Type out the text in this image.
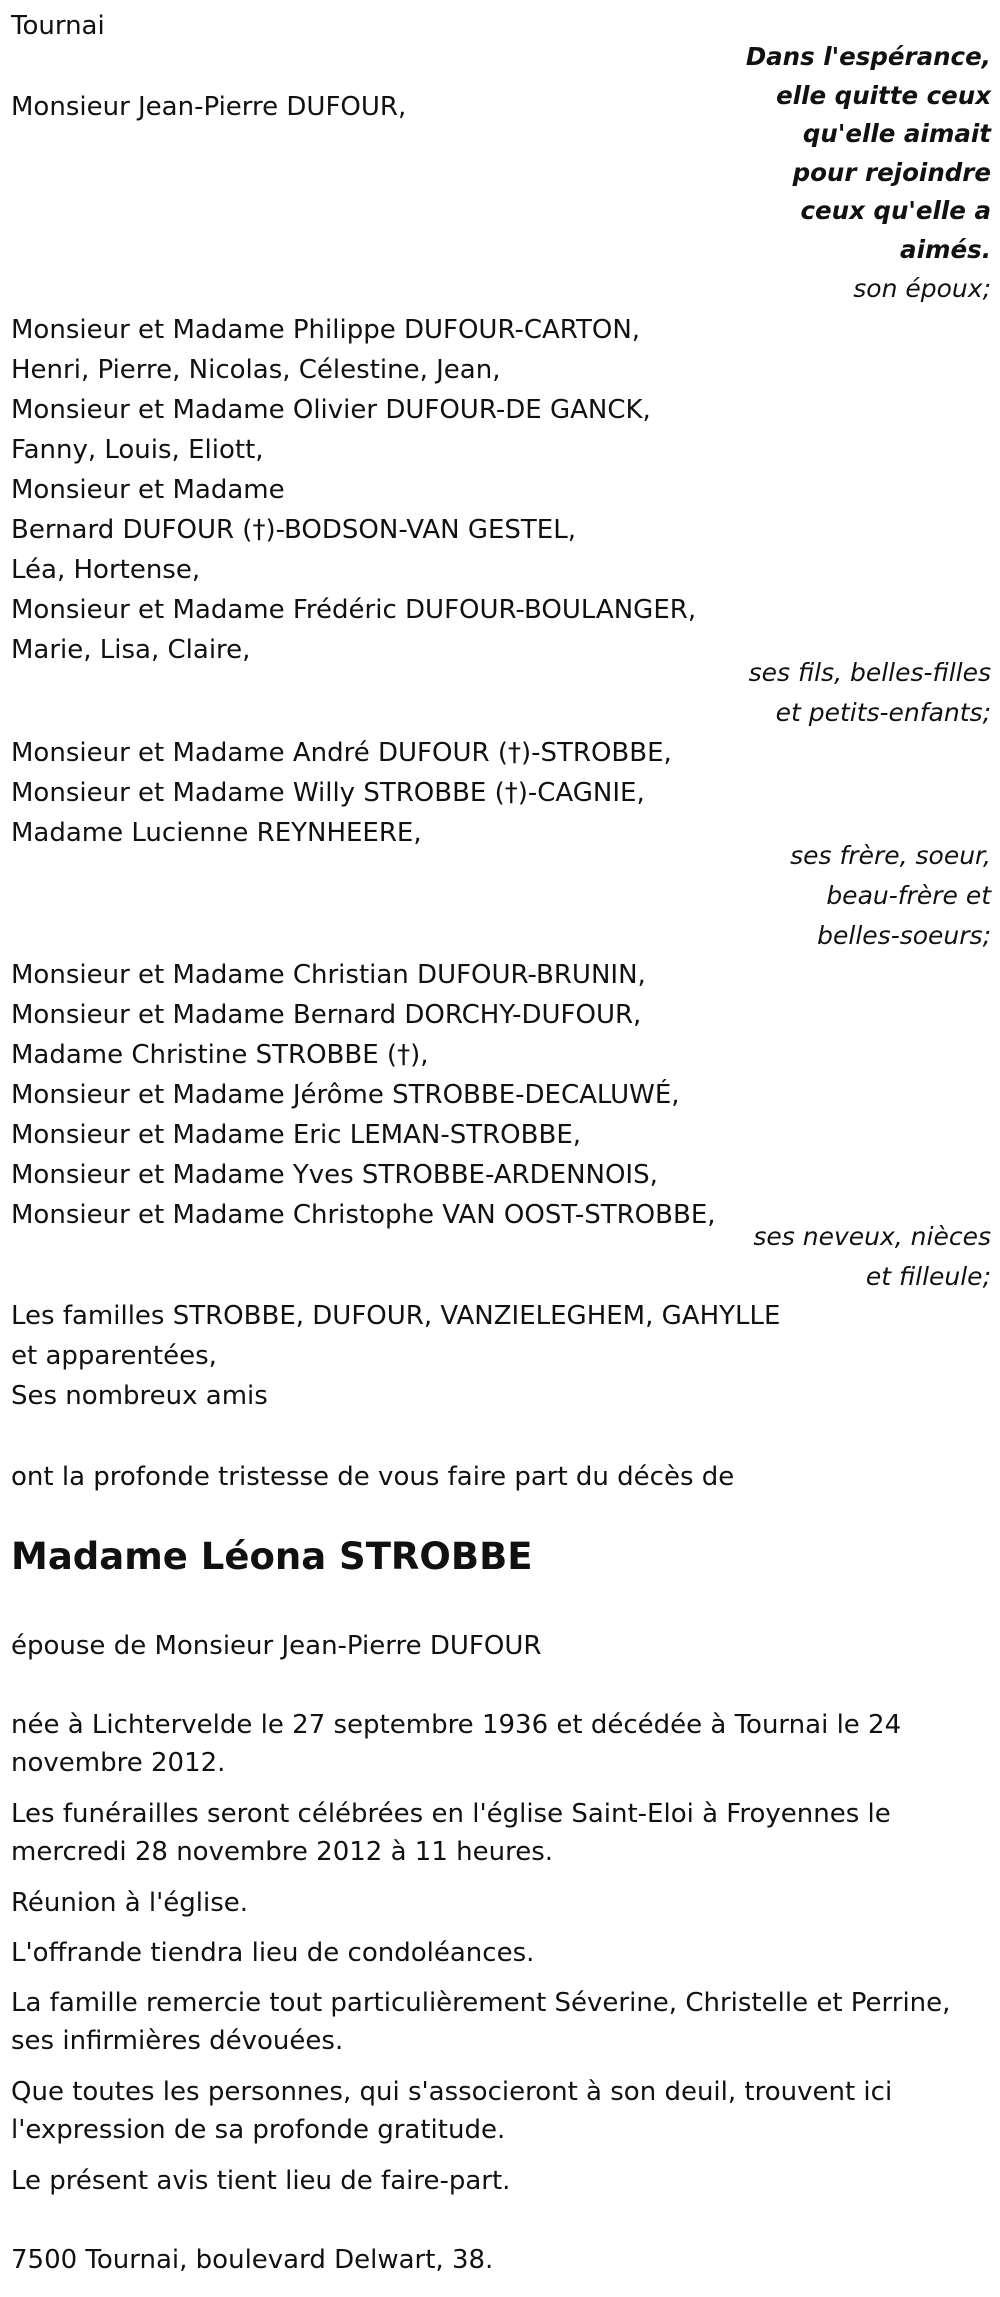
Tournai
Dans l'espérance,
elle quitte ceux
qu'elle aimait
pour rejoindre
ceux qu'elle a
aimés.
Monsieur Jean-Pierre DUFOUR,
son époux;
Monsieur et Madame Philippe DUFOUR-CARTON,
Henri, Pierre, Nicolas, Célestine, Jean,
Monsieur et Madame Olivier DUFOUR-DE GANCK,
Fanny, Louis, Eliott,
Monsieur et Madame
Bernard DUFOUR (†)-BODSON-VAN GESTEL,
Léa, Hortense,
Monsieur et Madame Frédéric DUFOUR-BOULANGER,
Marie, Lisa, Claire,
ses fils, belles-filles
et petits-enfants;
Monsieur et Madame André DUFOUR (†)-STROBBE,
Monsieur et Madame Willy STROBBE (†)-CAGNIE,
Madame Lucienne REYNHEERE,
ses frère, soeur,
beau-frère et
belles-soeurs;
Monsieur et Madame Christian DUFOUR-BRUNIN,
Monsieur et Madame Bernard DORCHY-DUFOUR,
Madame Christine STROBBE (†),
Monsieur et Madame Jérôme STROBBE-DECALUWÉ,
Monsieur et Madame Eric LEMAN-STROBBE,
Monsieur et Madame Yves STROBBE-ARDENNOIS,
Monsieur et Madame Christophe VAN OOST-STROBBE,
ses neveux, nièces
et filleule;
Les familles STROBBE, DUFOUR, VANZIELEGHEM, GAHYLLE
et apparentées,
Ses nombreux amis
ont la profonde tristesse de vous faire part du décès de
Madame Léona STROBBE
épouse de Monsieur Jean-Pierre DUFOUR
née à Lichtervelde le 27 septembre 1936 et décédée à Tournai le 24 novembre 2012.
Les funérailles seront célébrées en l'église Saint-Eloi à Froyennes le mercredi 28 novembre 2012 à 11 heures.
Réunion à l'église.
L'offrande tiendra lieu de condoléances.
La famille remercie tout particulièrement Séverine, Christelle et Perrine, ses infirmières dévouées.
Que toutes les personnes, qui s'associeront à son deuil, trouvent ici l'expression de sa profonde gratitude.
Le présent avis tient lieu de faire-part.
7500 Tournai, boulevard Delwart, 38.
